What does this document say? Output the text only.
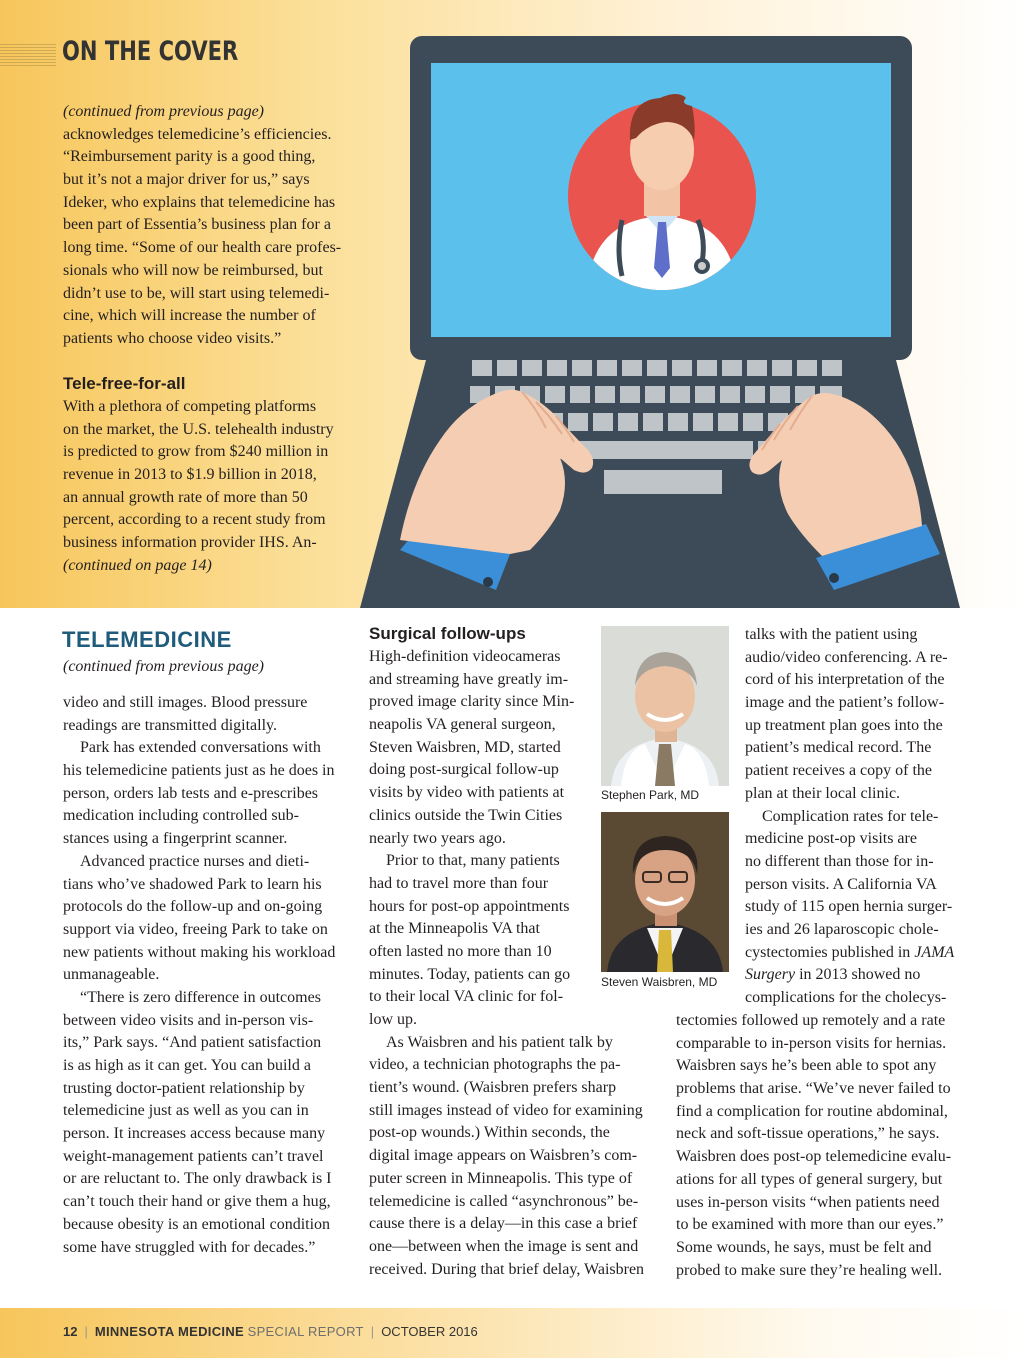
ON THE COVER
(continued from previous page)
acknowledges telemedicine’s efficiencies.
“Reimbursement parity is a good thing,
but it’s not a major driver for us,” says
Ideker, who explains that telemedicine has
been part of Essentia’s business plan for a
long time. “Some of our health care profes-
sionals who will now be reimbursed, but
didn’t use to be, will start using telemedi-
cine, which will increase the number of
patients who choose video visits.”
Tele-free-for-all
With a plethora of competing platforms
on the market, the U.S. telehealth industry
is predicted to grow from $240 million in
revenue in 2013 to $1.9 billion in 2018,
an annual growth rate of more than 50
percent, according to a recent study from
business information provider IHS. An-
(continued on page 14)
TELEMEDICINE
(continued from previous page)
video and still images. Blood pressure
readings are transmitted digitally.
Park has extended conversations with
his telemedicine patients just as he does in
person, orders lab tests and e-prescribes
medication including controlled sub-
stances using a fingerprint scanner.
Advanced practice nurses and dieti-
tians who’ve shadowed Park to learn his
protocols do the follow-up and on-going
support via video, freeing Park to take on
new patients without making his workload
unmanageable.
“There is zero difference in outcomes
between video visits and in-person vis-
its,” Park says. “And patient satisfaction
is as high as it can get. You can build a
trusting doctor-patient relationship by
telemedicine just as well as you can in
person. It increases access because many
weight-management patients can’t travel
or are reluctant to. The only drawback is I
can’t touch their hand or give them a hug,
because obesity is an emotional condition
some have struggled with for decades.”
Surgical follow-ups
High-definition videocameras
and streaming have greatly im-
proved image clarity since Min-
neapolis VA general surgeon,
Steven Waisbren, MD, started
doing post-surgical follow-up
visits by video with patients at
clinics outside the Twin Cities
nearly two years ago.
Prior to that, many patients
had to travel more than four
hours for post-op appointments
at the Minneapolis VA that
often lasted no more than 10
minutes. Today, patients can go
to their local VA clinic for fol-
low up.
As Waisbren and his patient talk by
video, a technician photographs the pa-
tient’s wound. (Waisbren prefers sharp
still images instead of video for examining
post-op wounds.) Within seconds, the
digital image appears on Waisbren’s com-
puter screen in Minneapolis. This type of
telemedicine is called “asynchronous” be-
cause there is a delay—in this case a brief
one—between when the image is sent and
received. During that brief delay, Waisbren
Stephen Park, MD
Steven Waisbren, MD
talks with the patient using
audio/video conferencing. A re-
cord of his interpretation of the
image and the patient’s follow-
up treatment plan goes into the
patient’s medical record. The
patient receives a copy of the
plan at their local clinic.
Complication rates for tele-
medicine post-op visits are
no different than those for in-
person visits. A California VA
study of 115 open hernia surger-
ies and 26 laparoscopic chole-
cystectomies published in JAMA
Surgery in 2013 showed no
complications for the cholecys-
tectomies followed up remotely and a rate
comparable to in-person visits for hernias.
Waisbren says he’s been able to spot any
problems that arise. “We’ve never failed to
find a complication for routine abdominal,
neck and soft-tissue operations,” he says.
Waisbren does post-op telemedicine evalu-
ations for all types of general surgery, but
uses in-person visits “when patients need
to be examined with more than our eyes.”
Some wounds, he says, must be felt and
probed to make sure they’re healing well.
12 | MINNESOTA MEDICINE SPECIAL REPORT | OCTOBER 2016
